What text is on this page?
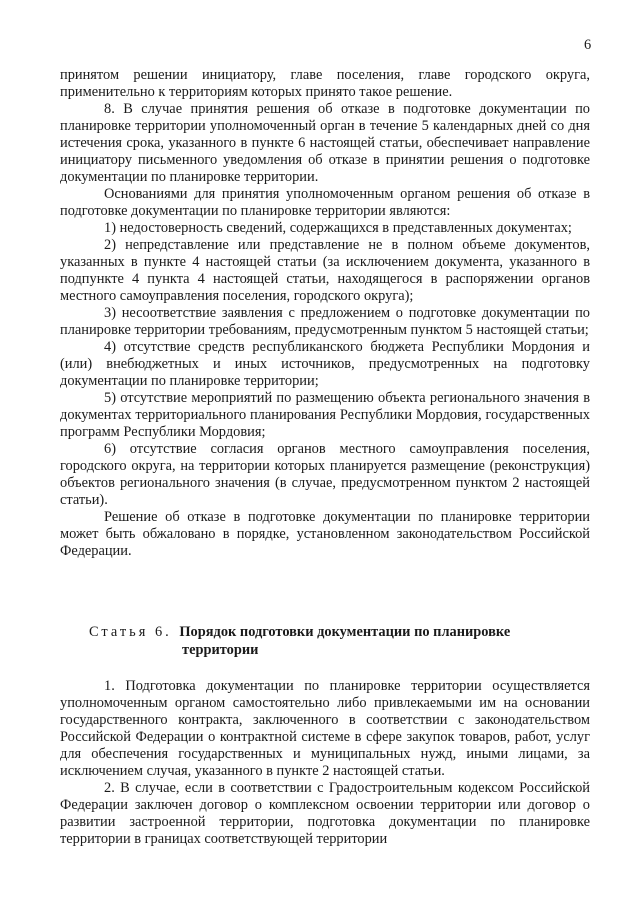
6

принятом решении инициатору, главе поселения, главе городского округа, применительно к территориям которых принято такое решение.

8. В случае принятия решения об отказе в подготовке документации по планировке территории уполномоченный орган в течение 5 календарных дней со дня истечения срока, указанного в пункте 6 настоящей статьи, обеспечивает направление инициатору письменного уведомления об отказе в принятии решения о подготовке документации по планировке территории.

Основаниями для принятия уполномоченным органом решения об отказе в подготовке документации по планировке территории являются:

1) недостоверность сведений, содержащихся в представленных документах;

2) непредставление или представление не в полном объеме документов, указанных в пункте 4 настоящей статьи (за исключением документа, указанного в подпункте 4 пункта 4 настоящей статьи, находящегося в распоряжении органов местного самоуправления поселения, городского округа);

3) несоответствие заявления с предложением о подготовке документации по планировке территории требованиям, предусмотренным пунктом 5 настоящей статьи;

4) отсутствие средств республиканского бюджета Республики Мордония и (или) внебюджетных и иных источников, предусмотренных на подготовку документации по планировке территории;

5) отсутствие мероприятий по размещению объекта регионального значения в документах территориального планирования Республики Мордовия, государственных программ Республики Мордовия;

6) отсутствие согласия органов местного самоуправления поселения, городского округа, на территории которых планируется размещение (реконструкция) объектов регионального значения (в случае, предусмотренном пунктом 2 настоящей статьи).

Решение об отказе в подготовке документации по планировке территории может быть обжаловано в порядке, установленном законодательством Российской Федерации.

Статья 6. Порядок подготовки документации по планировке
территории

1. Подготовка документации по планировке территории осуществляется уполномоченным органом самостоятельно либо привлекаемыми им на основании государственного контракта, заключенного в соответствии с законодательством Российской Федерации о контрактной системе в сфере закупок товаров, работ, услуг для обеспечения государственных и муниципальных нужд, иными лицами, за исключением случая, указанного в пункте 2 настоящей статьи.

2. В случае, если в соответствии с Градостроительным кодексом Российской Федерации заключен договор о комплексном освоении территории или договор о развитии застроенной территории, подготовка документации по планировке территории в границах соответствующей территории
